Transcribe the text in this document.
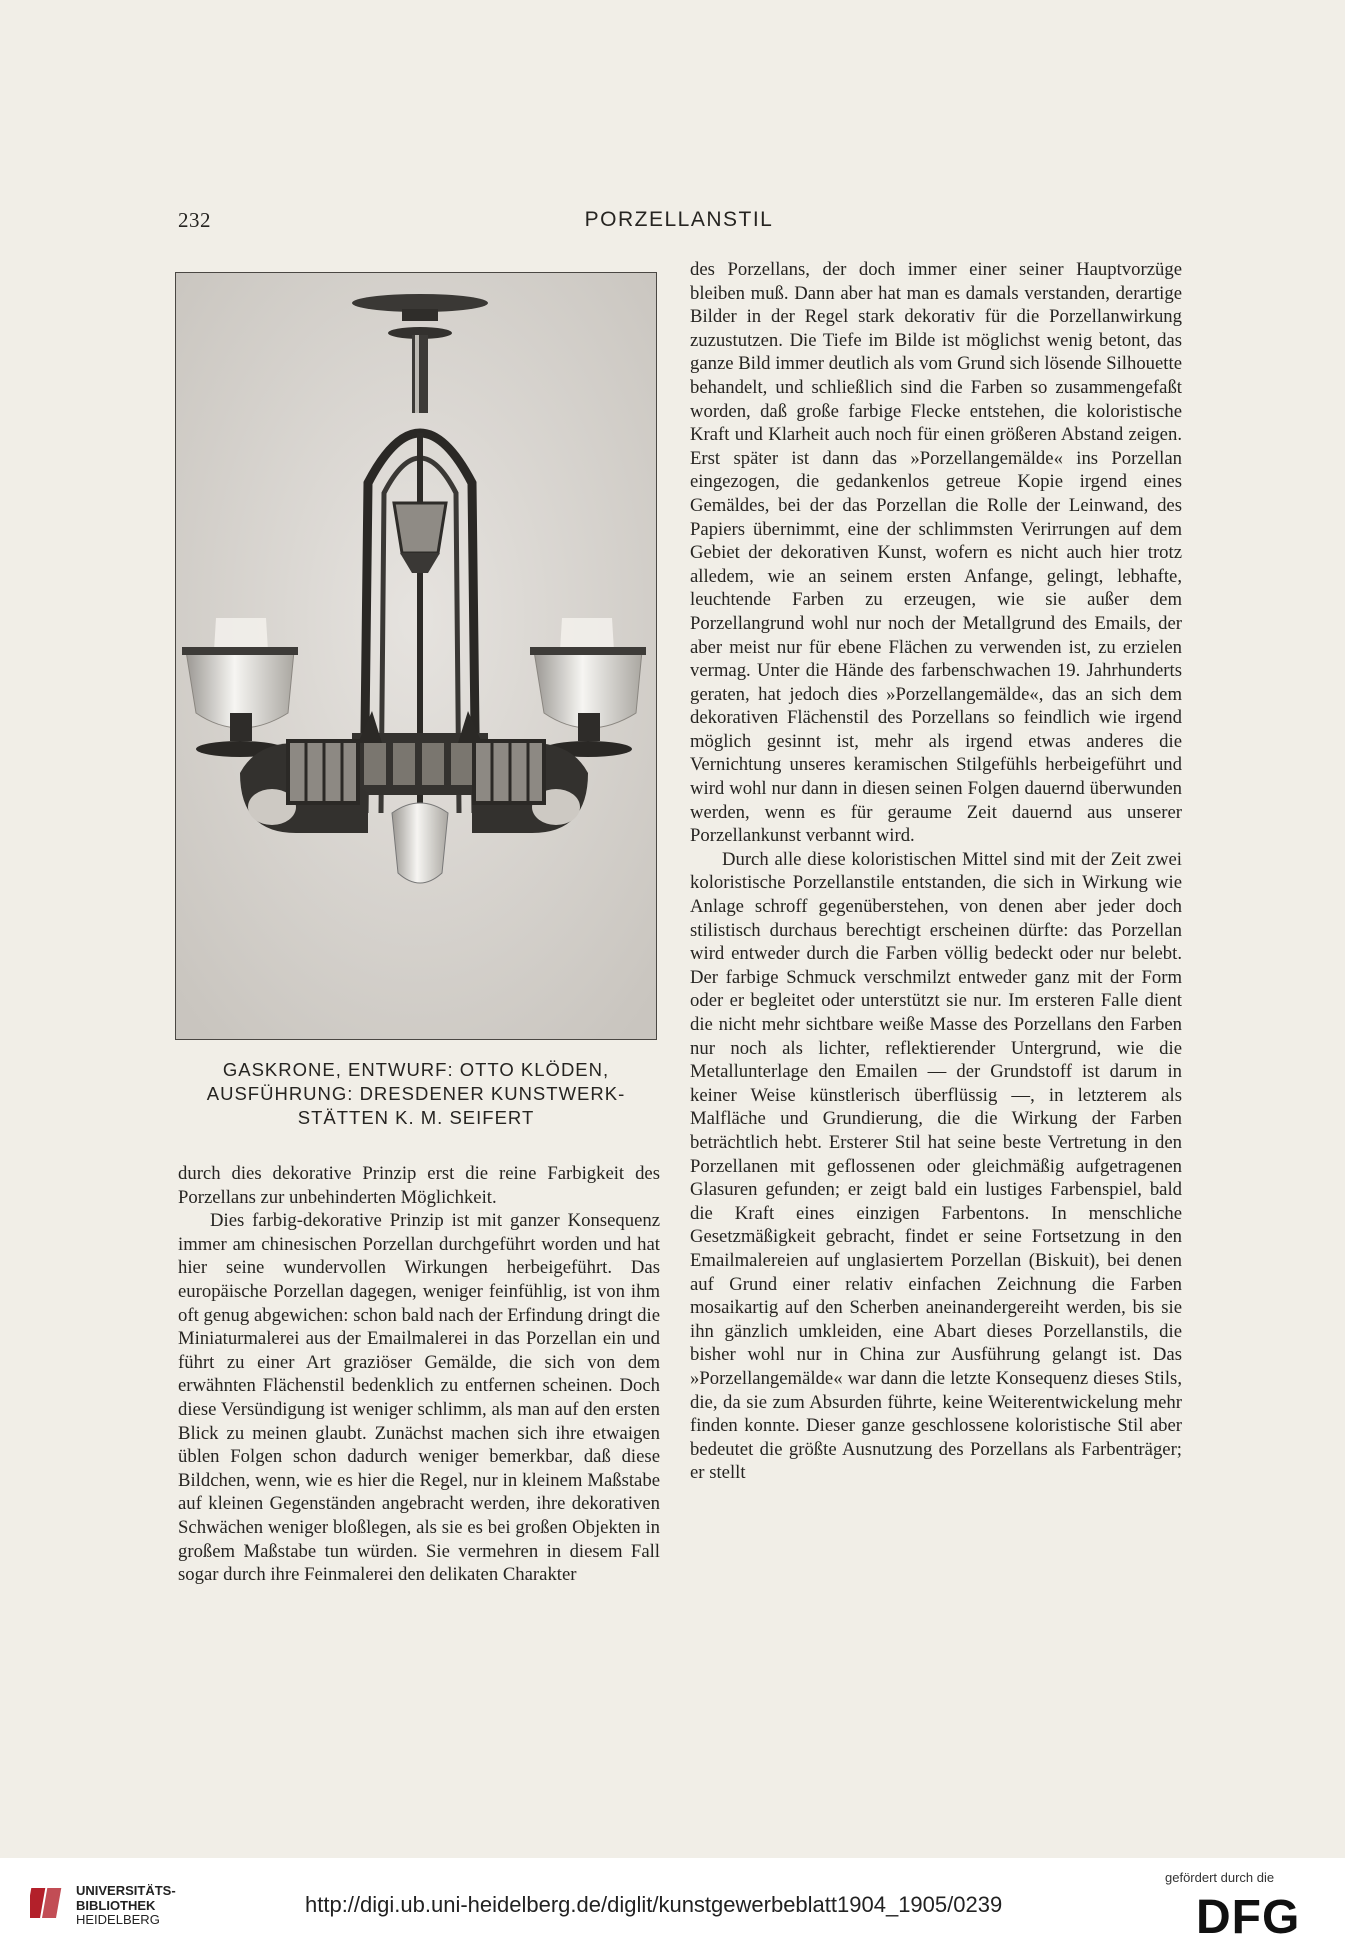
232	PORZELLANSTIL
GASKRONE, ENTWURF: OTTO KLÖDEN,
AUSFÜHRUNG: DRESDENER KUNSTWERK-
STÄTTEN K. M. SEIFERT

durch dies dekorative Prinzip erst die reine Farbigkeit des Porzellans zur unbehinderten Möglichkeit.

Dies farbig-dekorative Prinzip ist mit ganzer Konsequenz immer am chinesischen Porzellan durchgeführt worden und hat hier seine wundervollen Wirkungen herbeigeführt. Das europäische Porzellan dagegen, weniger feinfühlig, ist von ihm oft genug abgewichen: schon bald nach der Erfindung dringt die Miniaturmalerei aus der Emailmalerei in das Porzellan ein und führt zu einer Art graziöser Gemälde, die sich von dem erwähnten Flächenstil bedenklich zu entfernen scheinen. Doch diese Versündigung ist weniger schlimm, als man auf den ersten Blick zu meinen glaubt. Zunächst machen sich ihre etwaigen üblen Folgen schon dadurch weniger bemerkbar, daß diese Bildchen, wenn, wie es hier die Regel, nur in kleinem Maßstabe auf kleinen Gegenständen angebracht werden, ihre dekorativen Schwächen weniger bloßlegen, als sie es bei großen Objekten in großem Maßstabe tun würden. Sie vermehren in diesem Fall sogar durch ihre Feinmalerei den delikaten Charakter

des Porzellans, der doch immer einer seiner Hauptvorzüge bleiben muß. Dann aber hat man es damals verstanden, derartige Bilder in der Regel stark dekorativ für die Porzellanwirkung zuzustutzen. Die Tiefe im Bilde ist möglichst wenig betont, das ganze Bild immer deutlich als vom Grund sich lösende Silhouette behandelt, und schließlich sind die Farben so zusammengefaßt worden, daß große farbige Flecke entstehen, die koloristische Kraft und Klarheit auch noch für einen größeren Abstand zeigen. Erst später ist dann das »Porzellangemälde« ins Porzellan eingezogen, die gedankenlos getreue Kopie irgend eines Gemäldes, bei der das Porzellan die Rolle der Leinwand, des Papiers übernimmt, eine der schlimmsten Verirrungen auf dem Gebiet der dekorativen Kunst, wofern es nicht auch hier trotz alledem, wie an seinem ersten Anfange, gelingt, lebhafte, leuchtende Farben zu erzeugen, wie sie außer dem Porzellangrund wohl nur noch der Metallgrund des Emails, der aber meist nur für ebene Flächen zu verwenden ist, zu erzielen vermag. Unter die Hände des farbenschwachen 19. Jahrhunderts geraten, hat jedoch dies »Porzellangemälde«, das an sich dem dekorativen Flächenstil des Porzellans so feindlich wie irgend möglich gesinnt ist, mehr als irgend etwas anderes die Vernichtung unseres keramischen Stilgefühls herbeigeführt und wird wohl nur dann in diesen seinen Folgen dauernd überwunden werden, wenn es für geraume Zeit dauernd aus unserer Porzellankunst verbannt wird.

Durch alle diese koloristischen Mittel sind mit der Zeit zwei koloristische Porzellanstile entstanden, die sich in Wirkung wie Anlage schroff gegenüberstehen, von denen aber jeder doch stilistisch durchaus berechtigt erscheinen dürfte: das Porzellan wird entweder durch die Farben völlig bedeckt oder nur belebt. Der farbige Schmuck verschmilzt entweder ganz mit der Form oder er begleitet oder unterstützt sie nur. Im ersteren Falle dient die nicht mehr sichtbare weiße Masse des Porzellans den Farben nur noch als lichter, reflektierender Untergrund, wie die Metallunterlage den Emailen — der Grundstoff ist darum in keiner Weise künstlerisch überflüssig —, in letzterem als Malfläche und Grundierung, die die Wirkung der Farben beträchtlich hebt. Ersterer Stil hat seine beste Vertretung in den Porzellanen mit geflossenen oder gleichmäßig aufgetragenen Glasuren gefunden; er zeigt bald ein lustiges Farbenspiel, bald die Kraft eines einzigen Farbentons. In menschliche Gesetzmäßigkeit gebracht, findet er seine Fortsetzung in den Emailmalereien auf unglasiertem Porzellan (Biskuit), bei denen auf Grund einer relativ einfachen Zeichnung die Farben mosaikartig auf den Scherben aneinandergereiht werden, bis sie ihn gänzlich umkleiden, eine Abart dieses Porzellanstils, die bisher wohl nur in China zur Ausführung gelangt ist. Das »Porzellangemälde« war dann die letzte Konsequenz dieses Stils, die, da sie zum Absurden führte, keine Weiterentwickelung mehr finden konnte. Dieser ganze geschlossene koloristische Stil aber bedeutet die größte Ausnutzung des Porzellans als Farbenträger; er stellt

UNIVERSITÄTS-
BIBLIOTHEK
HEIDELBERG
http://digi.ub.uni-heidelberg.de/diglit/kunstgewerbeblatt1904_1905/0239
gefördert durch die
DFG
